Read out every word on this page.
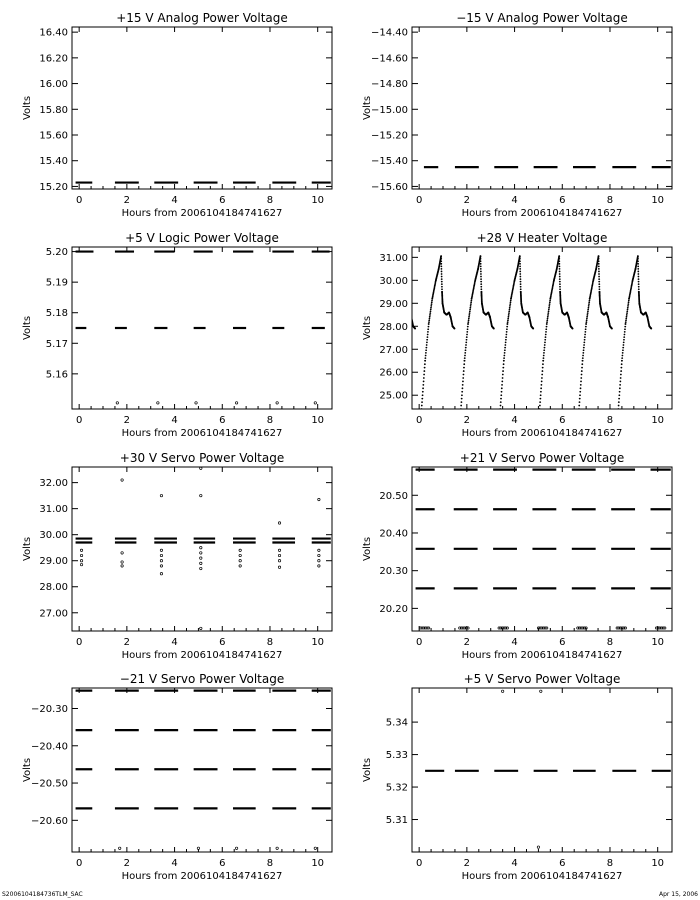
+15 V Analog Power Voltage
0	2	4	6	8	10
Hours from 2006104184741627
15.20
15.40
15.60
15.80
16.00
16.20
16.40
Volts
−15 V Analog Power Voltage
0	2	4	6	8	10
Hours from 2006104184741627
−14.40
−14.60
−14.80
−15.00
−15.20
−15.40
−15.60
Volts
+5 V Logic Power Voltage
0	2	4	6	8	10
Hours from 2006104184741627
5.16
5.17
5.18
5.19
5.20
Volts
+28 V Heater Voltage
0	2	4	6	8	10
Hours from 2006104184741627
25.00
26.00
27.00
28.00
29.00
30.00
31.00
Volts
+30 V Servo Power Voltage
0	2	4	6	8	10
Hours from 2006104184741627
27.00
28.00
29.00
30.00
31.00
32.00
Volts
+21 V Servo Power Voltage
0	2	4	6	8	10
Hours from 2006104184741627
20.20
20.30
20.40
20.50
Volts
−21 V Servo Power Voltage
0	2	4	6	8	10
Hours from 2006104184741627
−20.30
−20.40
−20.50
−20.60
Volts
+5 V Servo Power Voltage
0	2	4	6	8	10
Hours from 2006104184741627
5.31
5.32
5.33
5.34
Volts
S2006104184736TLM_SAC	Apr 15, 2006
